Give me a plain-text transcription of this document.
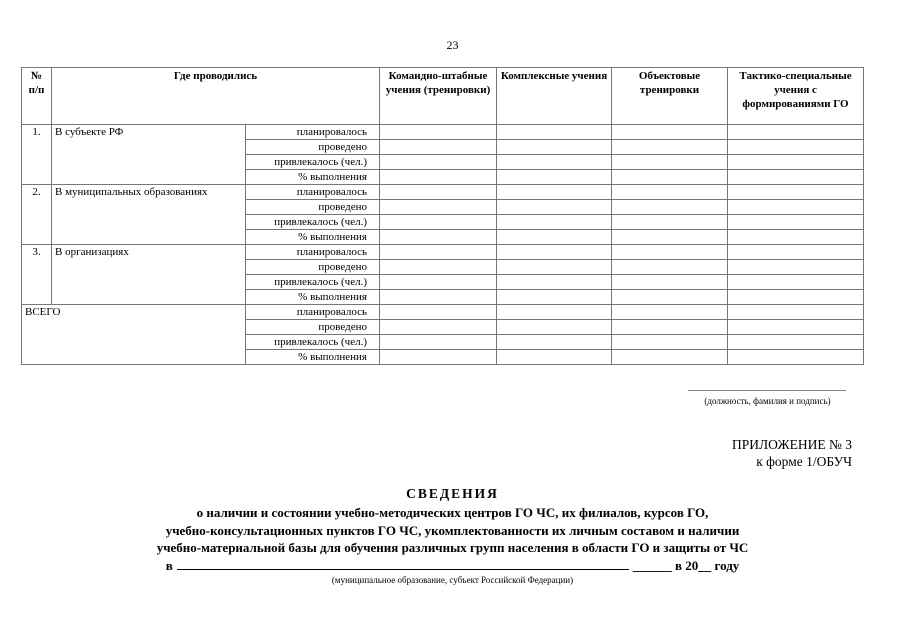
23
№ п/п	Где проводились		Командно-штабные учения (тренировки)	Комплексные учения	Объектовые тренировки	Тактико-специальные учения с формированиями ГО
1.	В субъекте РФ	планировалось				
		проведено				
		привлекалось (чел.)				
		% выполнения				
2.	В муниципальных образованиях	планировалось				
		проведено				
		привлекалось (чел.)				
		% выполнения				
3.	В организациях	планировалось				
		проведено				
		привлекалось (чел.)				
		% выполнения				
ВСЕГО		планировалось				
		проведено				
		привлекалось (чел.)				
		% выполнения				
(должность, фамилия и подпись)
ПРИЛОЖЕНИЕ № 3
к форме 1/ОБУЧ
СВЕДЕНИЯ
о наличии и состоянии учебно-методических центров ГО ЧС, их филиалов, курсов ГО,
учебно-консультационных пунктов ГО ЧС, укомплектованности их личным составом и наличии
учебно-материальной базы для обучения различных групп населения в области ГО и защиты от ЧС
в	______ в 20__ году
(муниципальное образование, субъект Российской Федерации)
